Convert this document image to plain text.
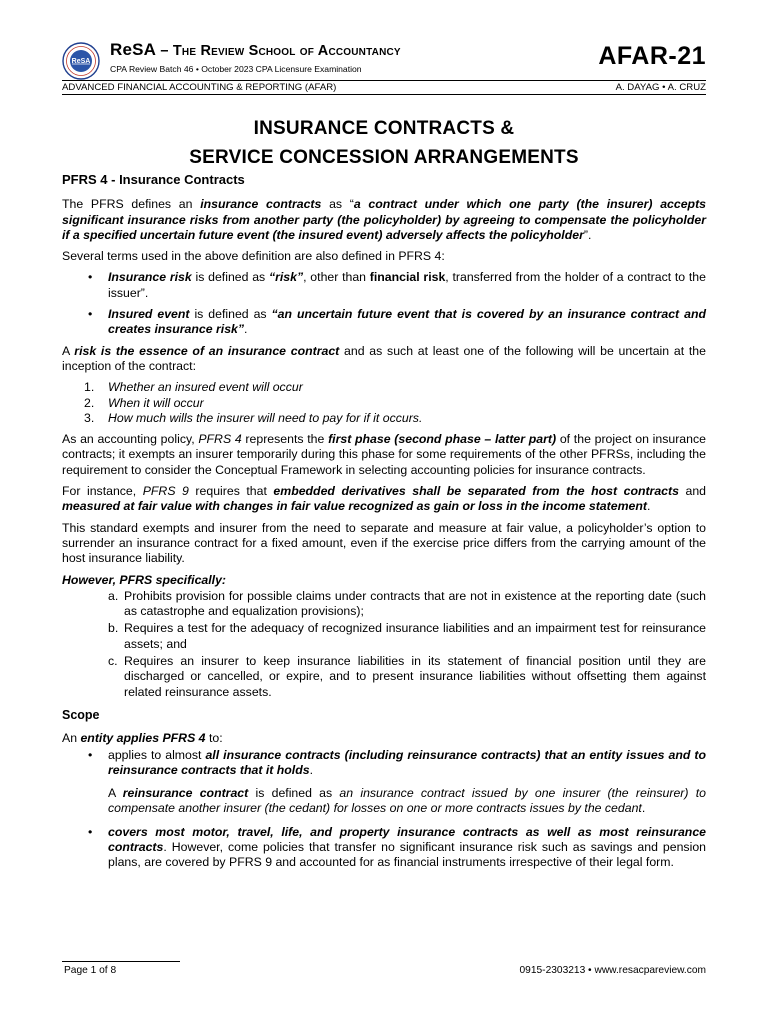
ReSA
ReSA – The Review School of Accountancy
CPA Review Batch 46 • October 2023 CPA Licensure Examination	AFAR-21
ADVANCED FINANCIAL ACCOUNTING & REPORTING (AFAR)	A. DAYAG • A. CRUZ
INSURANCE CONTRACTS &
SERVICE CONCESSION ARRANGEMENTS
PFRS 4 - Insurance Contracts

The PFRS defines an insurance contracts as “a contract under which one party (the insurer) accepts significant insurance risks from another party (the policyholder) by agreeing to compensate the policyholder if a specified uncertain future event (the insured event) adversely affects the policyholder”.

Several terms used in the above definition are also defined in PFRS 4:

• Insurance risk is defined as “risk”, other than financial risk, transferred from the holder of a contract to the issuer”.
• Insured event is defined as “an uncertain future event that is covered by an insurance contract and creates insurance risk”.

A risk is the essence of an insurance contract and as such at least one of the following will be uncertain at the inception of the contract:

1. Whether an insured event will occur
2. When it will occur
3. How much wills the insurer will need to pay for if it occurs.

As an accounting policy, PFRS 4 represents the first phase (second phase – latter part) of the project on insurance contracts; it exempts an insurer temporarily during this phase for some requirements of the other PFRSs, including the requirement to consider the Conceptual Framework in selecting accounting policies for insurance contracts.

For instance, PFRS 9 requires that embedded derivatives shall be separated from the host contracts and measured at fair value with changes in fair value recognized as gain or loss in the income statement.

This standard exempts and insurer from the need to separate and measure at fair value, a policyholder’s option to surrender an insurance contract for a fixed amount, even if the exercise price differs from the carrying amount of the host insurance liability.

However, PFRS specifically:
a. Prohibits provision for possible claims under contracts that are not in existence at the reporting date (such as catastrophe and equalization provisions);
b. Requires a test for the adequacy of recognized insurance liabilities and an impairment test for reinsurance assets; and
c. Requires an insurer to keep insurance liabilities in its statement of financial position until they are discharged or cancelled, or expire, and to present insurance liabilities without offsetting them against related reinsurance assets.
Scope

An entity applies PFRS 4 to:

• applies to almost all insurance contracts (including reinsurance contracts) that an entity issues and to reinsurance contracts that it holds.

A reinsurance contract is defined as an insurance contract issued by one insurer (the reinsurer) to compensate another insurer (the cedant) for losses on one or more contracts issues by the cedant.

• covers most motor, travel, life, and property insurance contracts as well as most reinsurance contracts. However, come policies that transfer no significant insurance risk such as savings and pension plans, are covered by PFRS 9 and accounted for as financial instruments irrespective of their legal form.
Page 1 of 8	0915-2303213 • www.resacpareview.com
